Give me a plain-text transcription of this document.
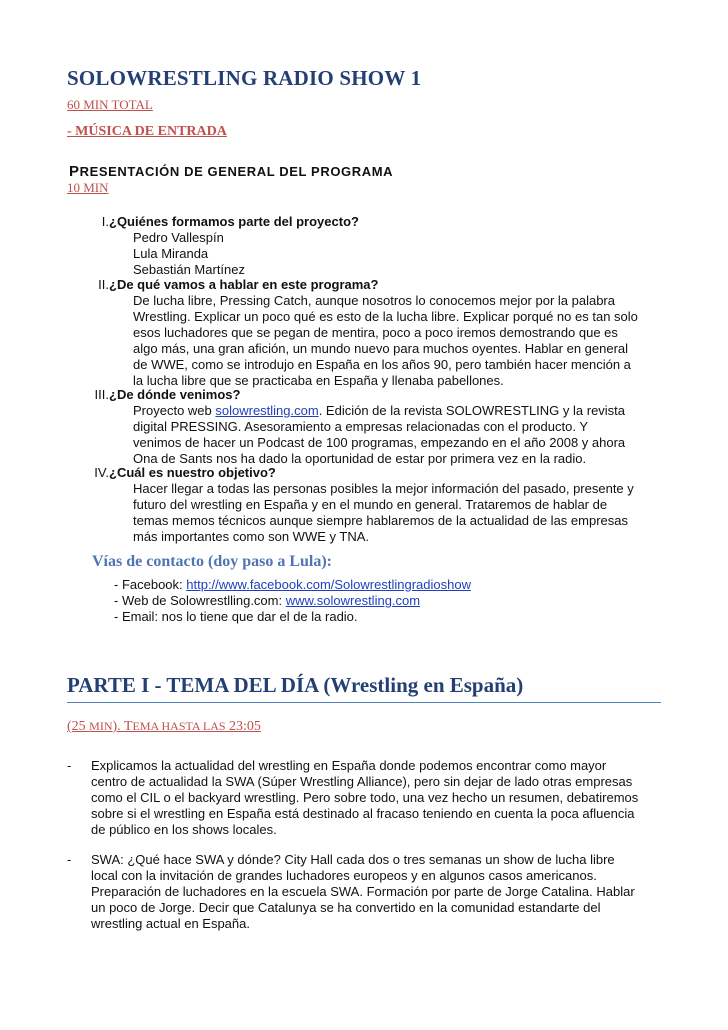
SOLOWRESTLING RADIO SHOW 1
60 MIN TOTAL
- MÚSICA DE ENTRADA
PRESENTACIÓN DE GENERAL DEL PROGRAMA
10 MIN
I.¿Quiénes formamos parte del proyecto?
Pedro Vallespín
Lula Miranda
Sebastián Martínez
II.¿De qué vamos a hablar en este programa?
De lucha libre, Pressing Catch, aunque nosotros lo conocemos mejor por la palabra
Wrestling. Explicar un poco qué es esto de la lucha libre. Explicar porqué no es tan solo
esos luchadores que se pegan de mentira, poco a poco iremos demostrando que es
algo más, una gran afición, un mundo nuevo para muchos oyentes. Hablar en general
de WWE, como se introdujo en España en los años 90, pero también hacer mención a
la lucha libre que se practicaba en España y llenaba pabellones.
III.¿De dónde venimos?
Proyecto web solowrestling.com. Edición de la revista SOLOWRESTLING y la revista
digital PRESSING. Asesoramiento a empresas relacionadas con el producto. Y
venimos de hacer un Podcast de 100 programas, empezando en el año 2008 y ahora
Ona de Sants nos ha dado la oportunidad de estar por primera vez en la radio.
IV.¿Cuál es nuestro objetivo?
Hacer llegar a todas las personas posibles la mejor información del pasado, presente y
futuro del wrestling en España y en el mundo en general. Trataremos de hablar de
temas memos técnicos aunque siempre hablaremos de la actualidad de las empresas
más importantes como son WWE y TNA.
Vías de contacto (doy paso a Lula):
- Facebook: http://www.facebook.com/Solowrestlingradioshow
- Web de Solowrestlling.com: www.solowrestling.com
- Email: nos lo tiene que dar el de la radio.
PARTE I - TEMA DEL DÍA (Wrestling en España)
(25 MIN). TEMA HASTA LAS 23:05
- Explicamos la actualidad del wrestling en España donde podemos encontrar como mayor
centro de actualidad la SWA (Súper Wrestling Alliance), pero sin dejar de lado otras empresas
como el CIL o el backyard wrestling. Pero sobre todo, una vez hecho un resumen, debatiremos
sobre si el wrestling en España está destinado al fracaso teniendo en cuenta la poca afluencia
de público en los shows locales.
- SWA: ¿Qué hace SWA y dónde? City Hall cada dos o tres semanas un show de lucha libre
local con la invitación de grandes luchadores europeos y en algunos casos americanos.
Preparación de luchadores en la escuela SWA. Formación por parte de Jorge Catalina. Hablar
un poco de Jorge. Decir que Catalunya se ha convertido en la comunidad estandarte del
wrestling actual en España.
